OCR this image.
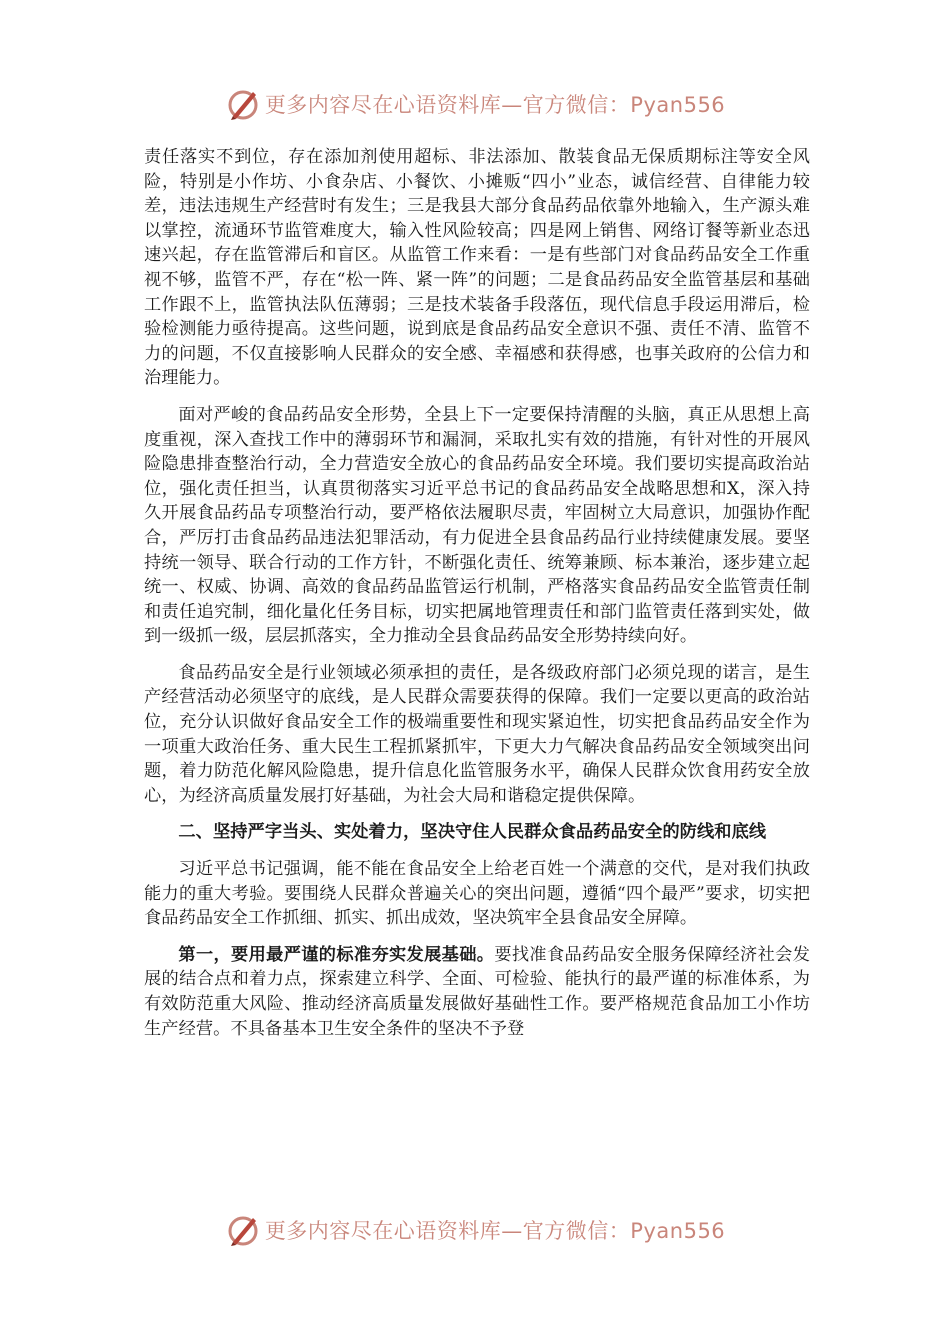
更多内容尽在心语资料库—官方微信：Pyan556

责任落实不到位，存在添加剂使用超标、非法添加、散装食品无保质期标注等安全风险，特别是小作坊、小食杂店、小餐饮、小摊贩“四小”业态，诚信经营、自律能力较差，违法违规生产经营时有发生；三是我县大部分食品药品依靠外地输入，生产源头难以掌控，流通环节监管难度大，输入性风险较高；四是网上销售、网络订餐等新业态迅速兴起，存在监管滞后和盲区。从监管工作来看：一是有些部门对食品药品安全工作重视不够，监管不严，存在“松一阵、紧一阵”的问题；二是食品药品安全监管基层和基础工作跟不上，监管执法队伍薄弱；三是技术装备手段落伍，现代信息手段运用滞后，检验检测能力亟待提高。这些问题，说到底是食品药品安全意识不强、责任不清、监管不力的问题，不仅直接影响人民群众的安全感、幸福感和获得感，也事关政府的公信力和治理能力。

面对严峻的食品药品安全形势，全县上下一定要保持清醒的头脑，真正从思想上高度重视，深入查找工作中的薄弱环节和漏洞，采取扎实有效的措施，有针对性的开展风险隐患排查整治行动，全力营造安全放心的食品药品安全环境。我们要切实提高政治站位，强化责任担当，认真贯彻落实习近平总书记的食品药品安全战略思想和X，深入持久开展食品药品专项整治行动，要严格依法履职尽责，牢固树立大局意识，加强协作配合，严厉打击食品药品违法犯罪活动，有力促进全县食品药品行业持续健康发展。要坚持统一领导、联合行动的工作方针，不断强化责任、统筹兼顾、标本兼治，逐步建立起统一、权威、协调、高效的食品药品监管运行机制，严格落实食品药品安全监管责任制和责任追究制，细化量化任务目标，切实把属地管理责任和部门监管责任落到实处，做到一级抓一级，层层抓落实，全力推动全县食品药品安全形势持续向好。

食品药品安全是行业领域必须承担的责任，是各级政府部门必须兑现的诺言，是生产经营活动必须坚守的底线，是人民群众需要获得的保障。我们一定要以更高的政治站位，充分认识做好食品安全工作的极端重要性和现实紧迫性，切实把食品药品安全作为一项重大政治任务、重大民生工程抓紧抓牢，下更大力气解决食品药品安全领域突出问题，着力防范化解风险隐患，提升信息化监管服务水平，确保人民群众饮食用药安全放心，为经济高质量发展打好基础，为社会大局和谐稳定提供保障。

二、坚持严字当头、实处着力，坚决守住人民群众食品药品安全的防线和底线

习近平总书记强调，能不能在食品安全上给老百姓一个满意的交代，是对我们执政能力的重大考验。要围绕人民群众普遍关心的突出问题，遵循“四个最严”要求，切实把食品药品安全工作抓细、抓实、抓出成效，坚决筑牢全县食品安全屏障。

第一，要用最严谨的标准夯实发展基础。要找准食品药品安全服务保障经济社会发展的结合点和着力点，探索建立科学、全面、可检验、能执行的最严谨的标准体系，为有效防范重大风险、推动经济高质量发展做好基础性工作。要严格规范食品加工小作坊生产经营。不具备基本卫生安全条件的坚决不予登

更多内容尽在心语资料库—官方微信：Pyan556
